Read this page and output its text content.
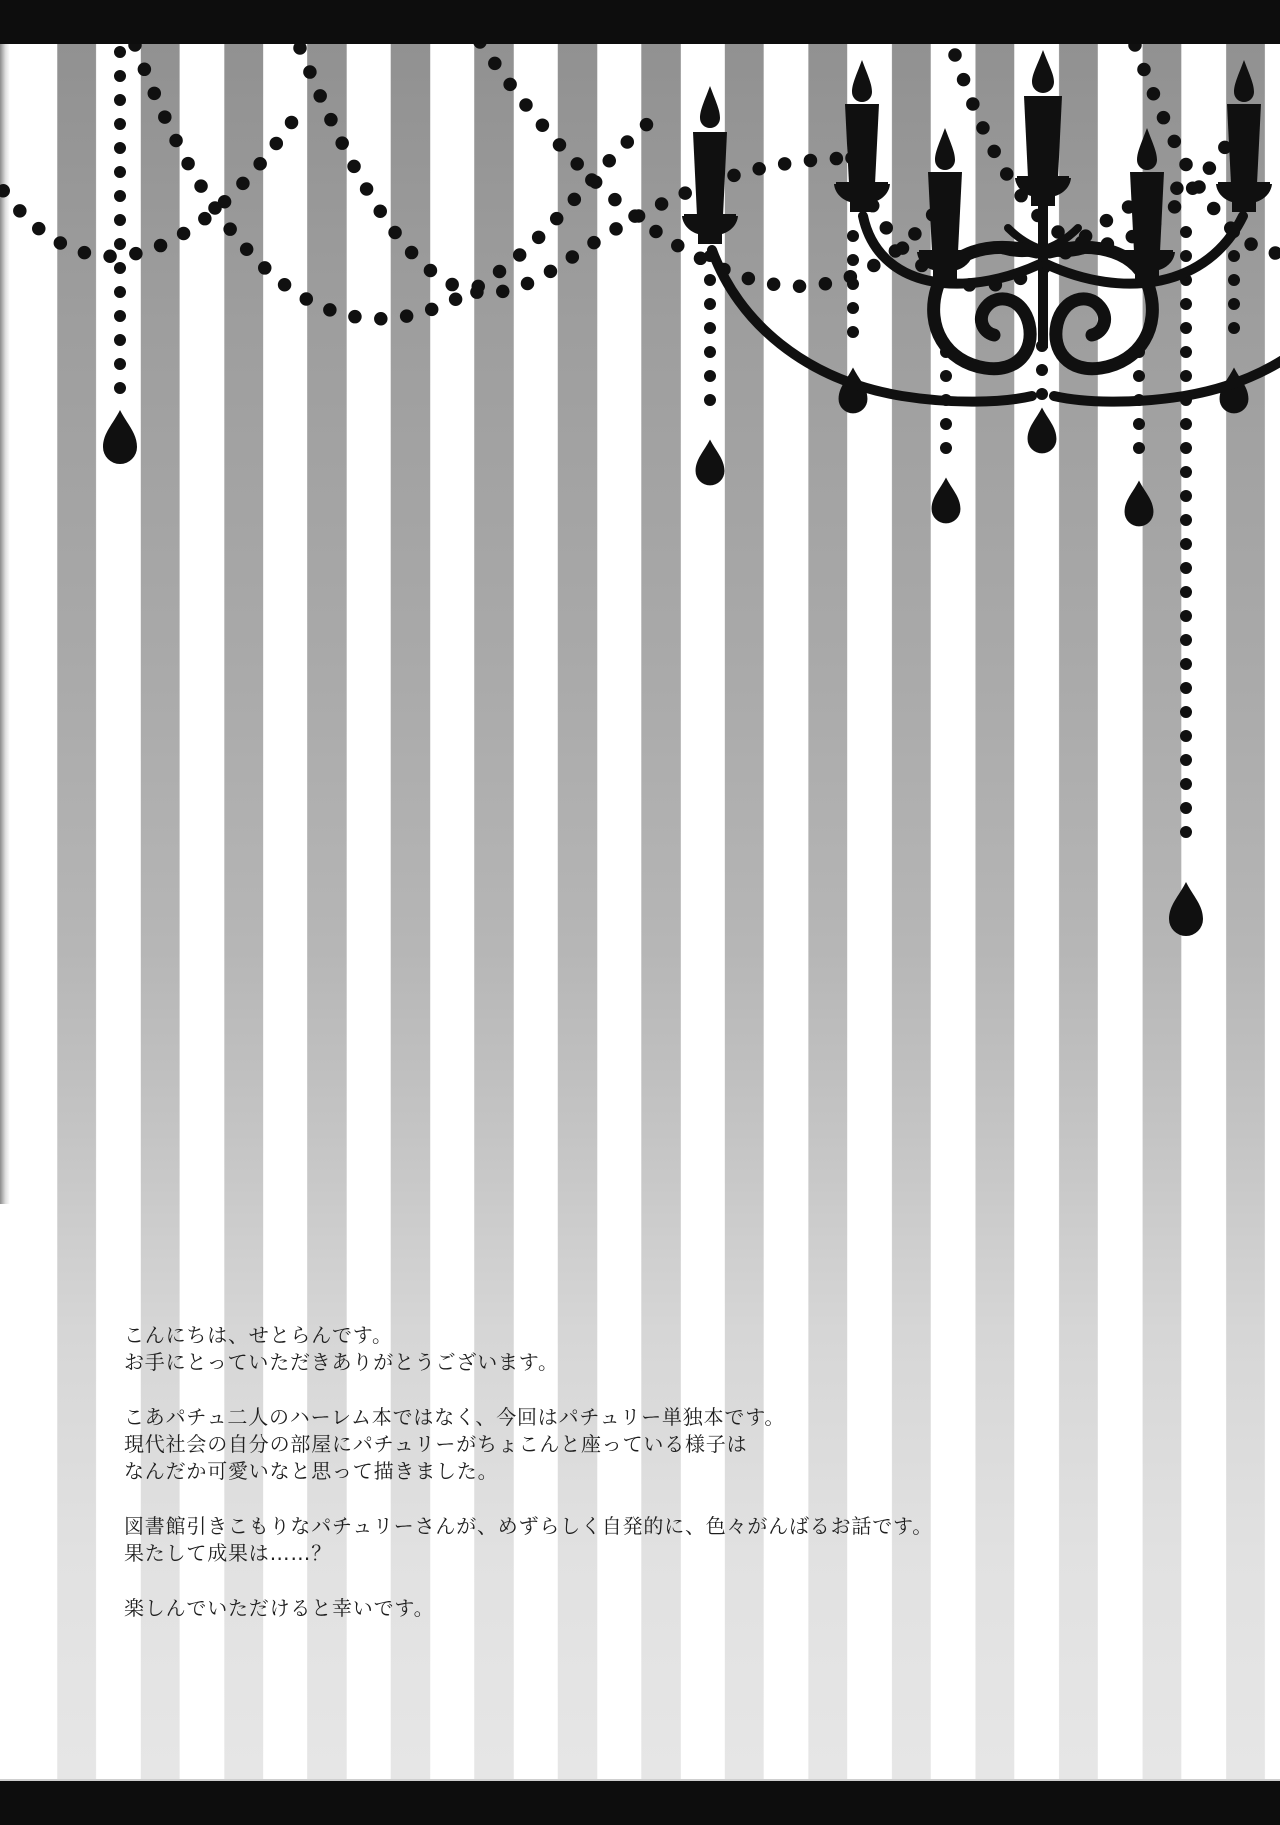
こんにちは、せとらんです。
お手にとっていただきありがとうございます。
こあパチュ二人のハーレム本ではなく、今回はパチュリー単独本です。
現代社会の自分の部屋にパチュリーがちょこんと座っている様子は
なんだか可愛いなと思って描きました。
図書館引きこもりなパチュリーさんが、めずらしく自発的に、色々がんばるお話です。
果たして成果は……？
楽しんでいただけると幸いです。
